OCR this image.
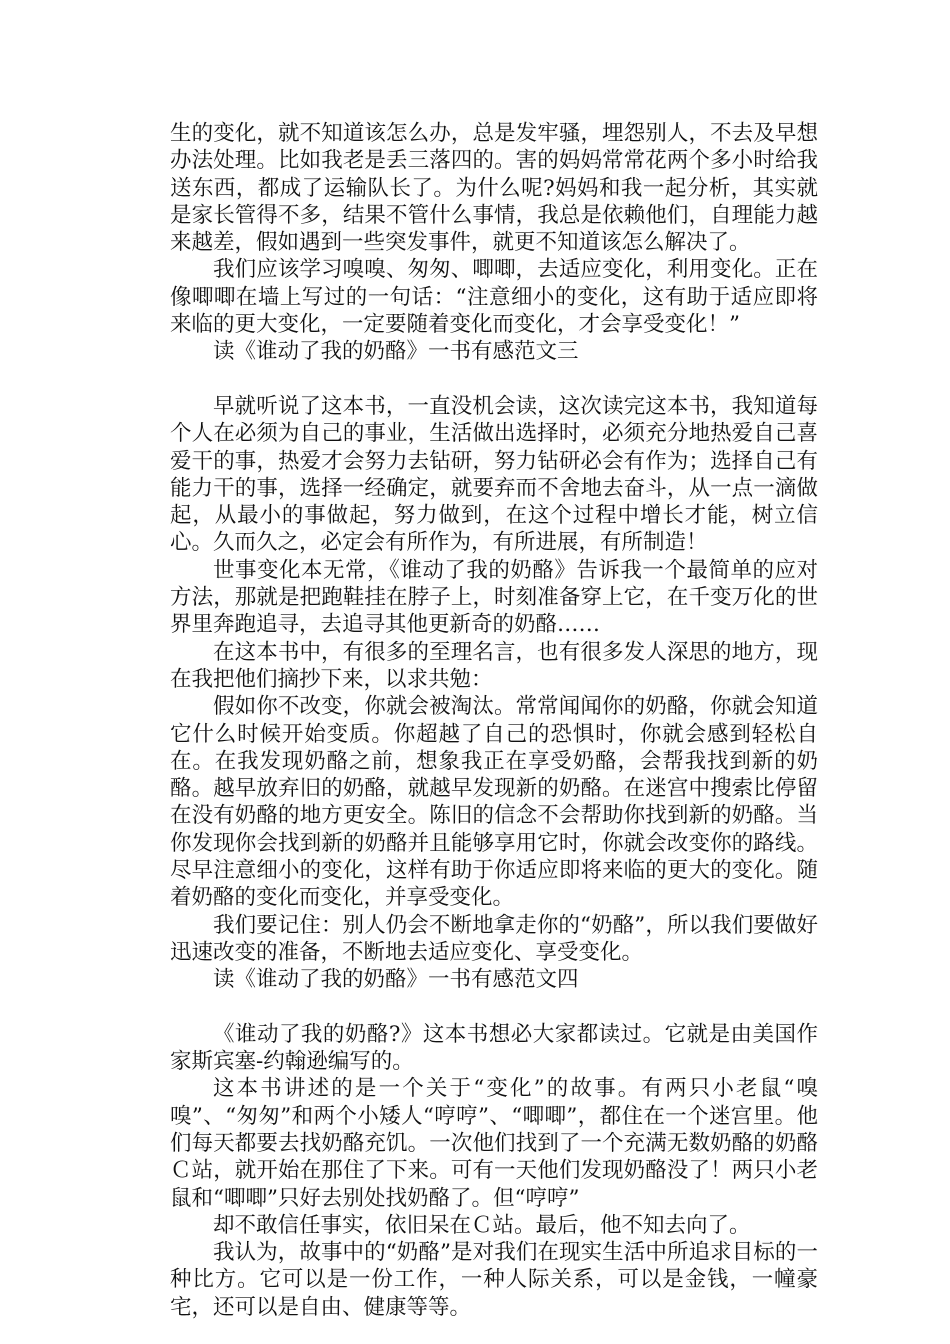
生的变化，就不知道该怎么办，总是发牢骚，埋怨别人，不去及早想办法处理。比如我老是丢三落四的。害的妈妈常常花两个多小时给我送东西，都成了运输队长了。为什么呢?妈妈和我一起分析，其实就是家长管得不多，结果不管什么事情，我总是依赖他们，自理能力越来越差，假如遇到一些突发事件，就更不知道该怎么解决了。

我们应该学习嗅嗅、匆匆、唧唧，去适应变化，利用变化。正在像唧唧在墙上写过的一句话：“注意细小的变化，这有助于适应即将来临的更大变化，一定要随着变化而变化，才会享受变化！”

读《谁动了我的奶酪》一书有感范文三

早就听说了这本书，一直没机会读，这次读完这本书，我知道每个人在必须为自己的事业，生活做出选择时，必须充分地热爱自己喜爱干的事，热爱才会努力去钻研，努力钻研必会有作为；选择自己有能力干的事，选择一经确定，就要弃而不舍地去奋斗，从一点一滴做起，从最小的事做起，努力做到，在这个过程中增长才能，树立信心。久而久之，必定会有所作为，有所进展，有所制造！

世事变化本无常，《谁动了我的奶酪》告诉我一个最简单的应对方法，那就是把跑鞋挂在脖子上，时刻准备穿上它，在千变万化的世界里奔跑追寻，去追寻其他更新奇的奶酪……

在这本书中，有很多的至理名言，也有很多发人深思的地方，现在我把他们摘抄下来，以求共勉：

假如你不改变，你就会被淘汰。常常闻闻你的奶酪，你就会知道它什么时候开始变质。你超越了自己的恐惧时，你就会感到轻松自在。在我发现奶酪之前，想象我正在享受奶酪，会帮我找到新的奶酪。越早放弃旧的奶酪，就越早发现新的奶酪。在迷宫中搜索比停留在没有奶酪的地方更安全。陈旧的信念不会帮助你找到新的奶酪。当你发现你会找到新的奶酪并且能够享用它时，你就会改变你的路线。尽早注意细小的变化，这样有助于你适应即将来临的更大的变化。随着奶酪的变化而变化，并享受变化。

我们要记住：别人仍会不断地拿走你的“奶酪”，所以我们要做好迅速改变的准备，不断地去适应变化、享受变化。

读《谁动了我的奶酪》一书有感范文四

《谁动了我的奶酪?》这本书想必大家都读过。它就是由美国作家斯宾塞-约翰逊编写的。

这本书讲述的是一个关于“变化”的故事。有两只小老鼠“嗅嗅”、“匆匆”和两个小矮人“哼哼”、“唧唧”，都住在一个迷宫里。他们每天都要去找奶酪充饥。一次他们找到了一个充满无数奶酪的奶酪Ｃ站，就开始在那住了下来。可有一天他们发现奶酪没了！两只小老鼠和“唧唧”只好去别处找奶酪了。但“哼哼”

却不敢信任事实，依旧呆在Ｃ站。最后，他不知去向了。

我认为，故事中的“奶酪”是对我们在现实生活中所追求目标的一种比方。它可以是一份工作，一种人际关系，可以是金钱，一幢豪宅，还可以是自由、健康等等。
